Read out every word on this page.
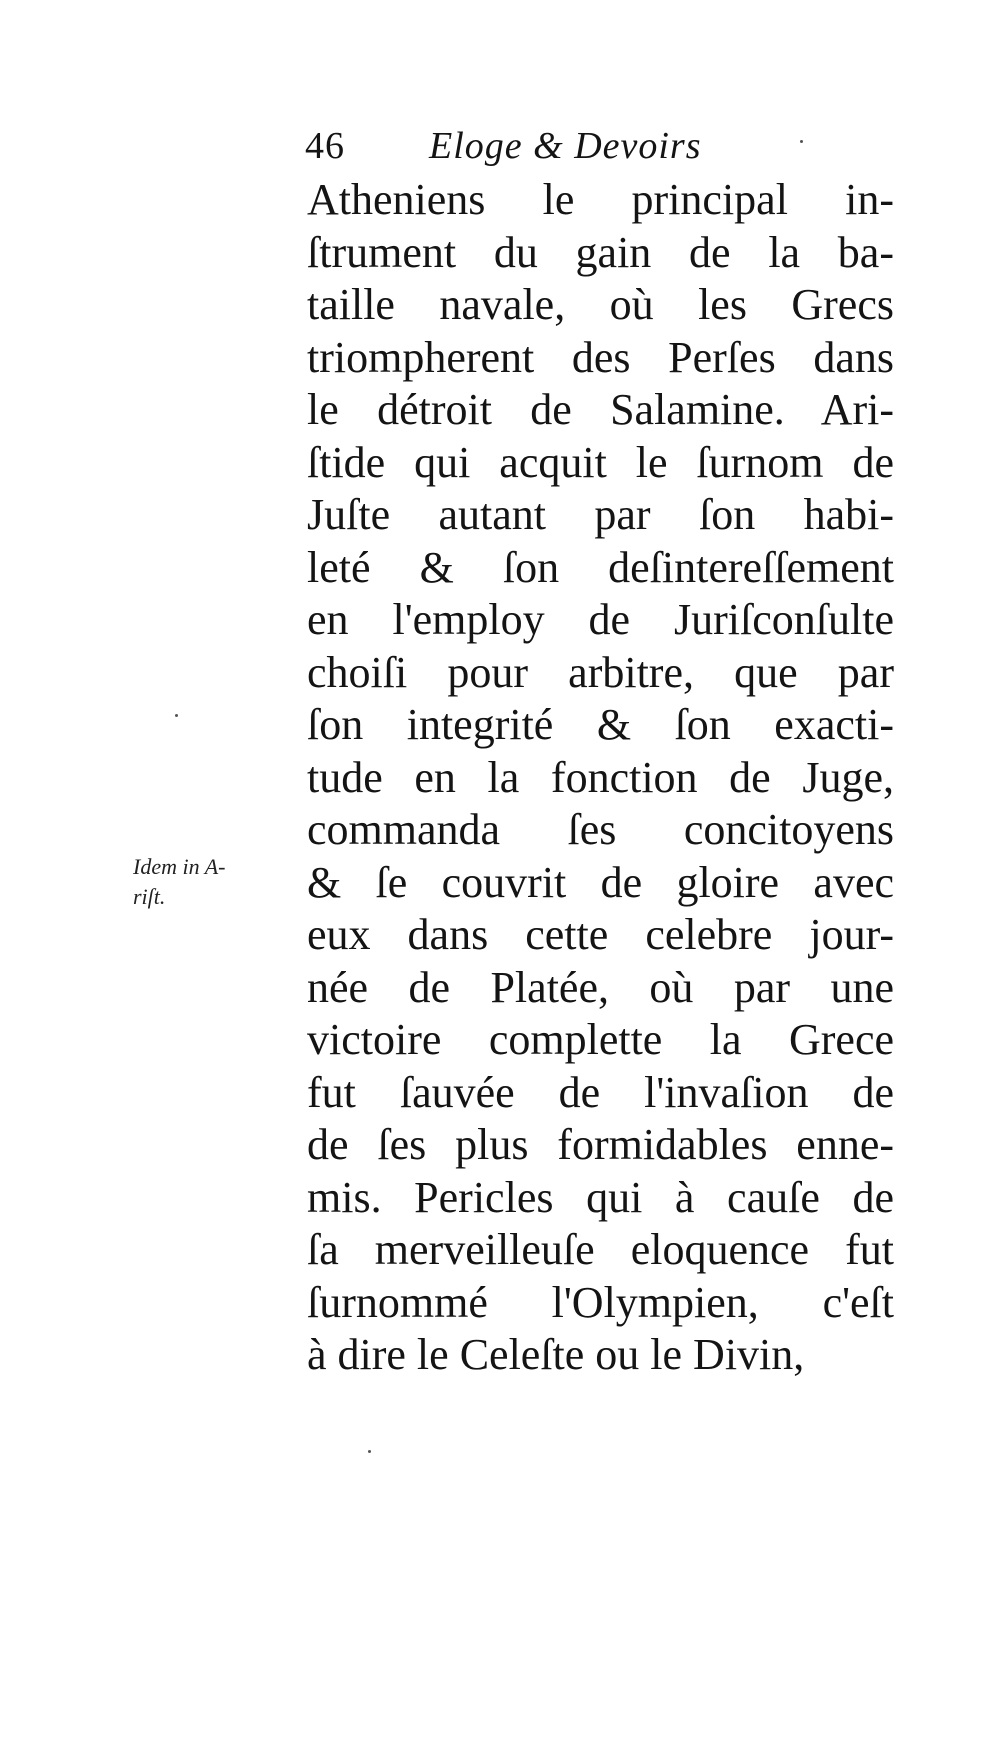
46 Eloge & Devoirs
Idem in A-
riſt.
Atheniens le principal in-
ſtrument du gain de la ba-
taille navale, où les Grecs
triompherent des Perſes dans
le détroit de Salamine. Ari-
ſtide qui acquit le ſurnom de
Juſte autant par ſon habi-
leté & ſon deſintereſſement
en l'employ de Juriſconſulte
choiſi pour arbitre, que par
ſon integrité & ſon exacti-
tude en la fonction de Juge,
commanda ſes concitoyens
& ſe couvrit de gloire avec
eux dans cette celebre jour-
née de Platée, où par une
victoire complette la Grece
fut ſauvée de l'invaſion de
de ſes plus formidables enne-
mis. Pericles qui à cauſe de
ſa merveilleuſe eloquence fut
ſurnommé l'Olympien, c'eſt
à dire le Celeſte ou le Divin,
